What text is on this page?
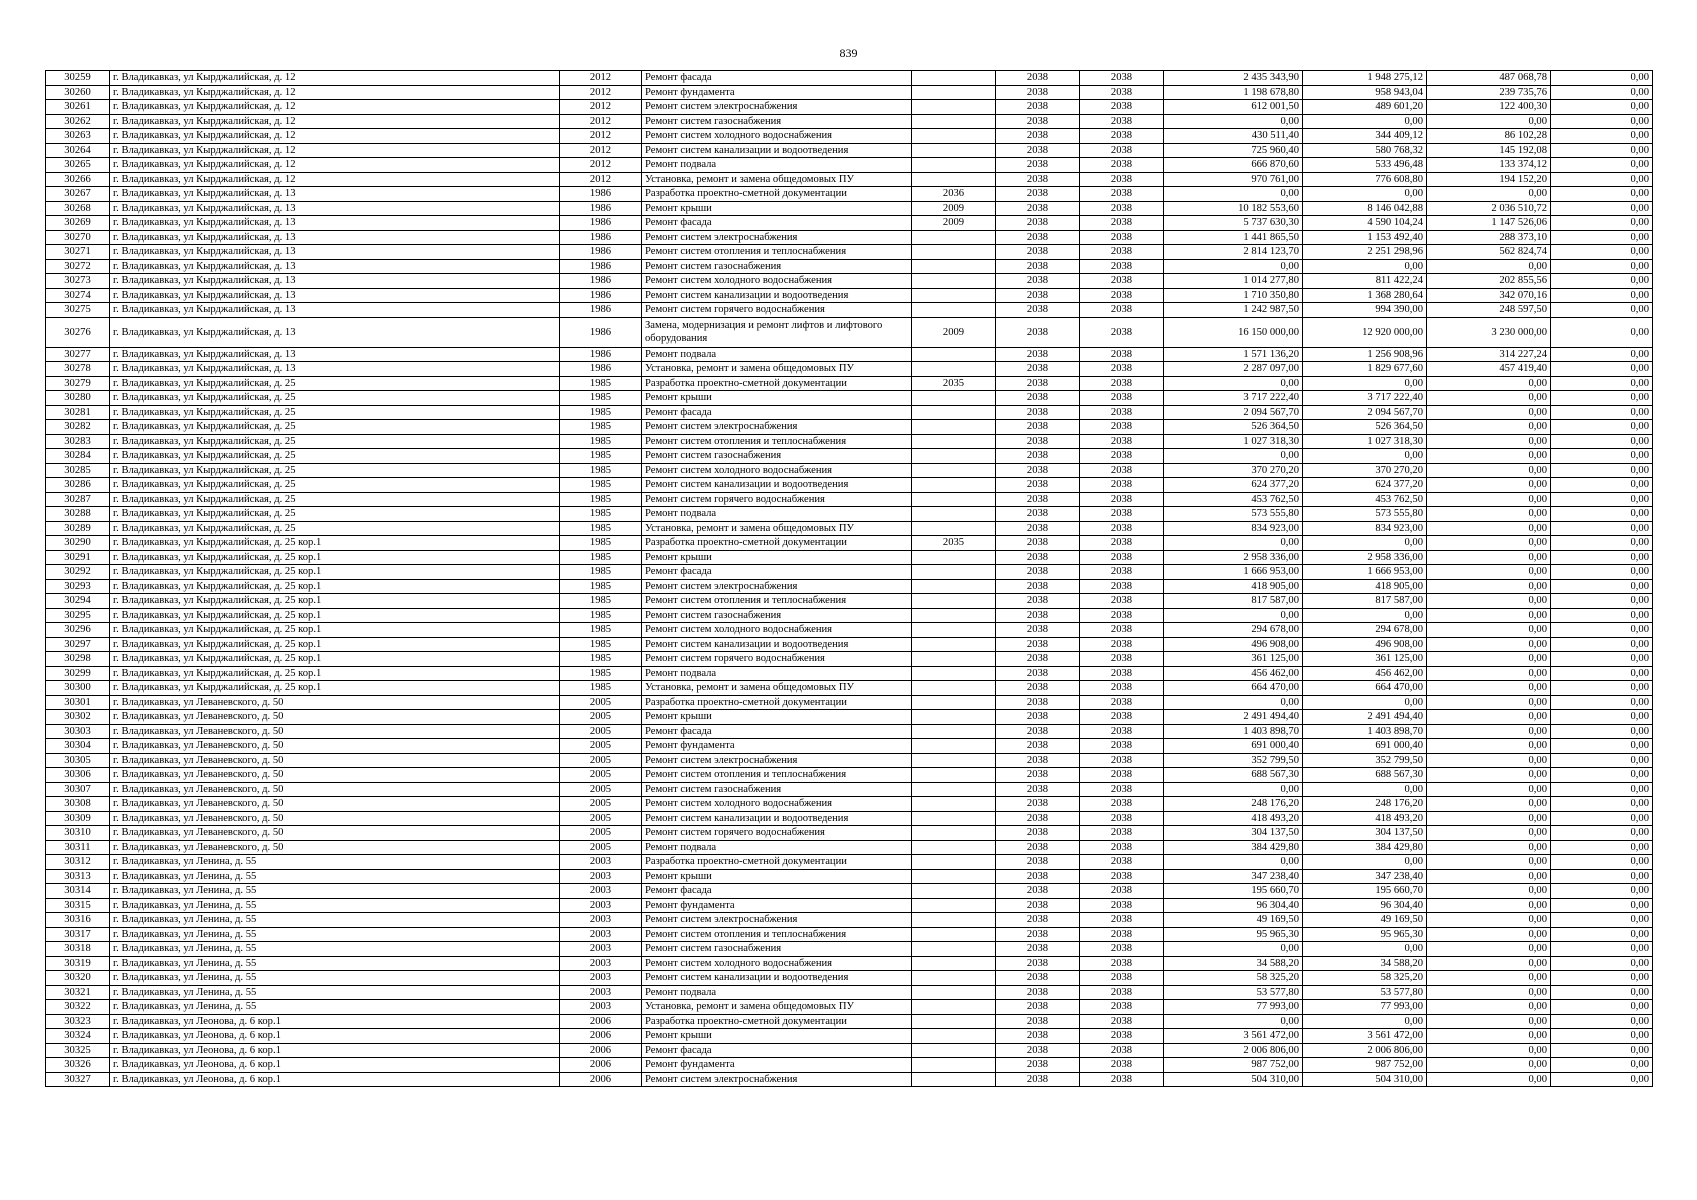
839
30259	г. Владикавказ, ул Кырджалийская, д. 12	2012	Ремонт фасада		2038	2038	2 435 343,90	1 948 275,12	487 068,78	0,00
30260	г. Владикавказ, ул Кырджалийская, д. 12	2012	Ремонт фундамента		2038	2038	1 198 678,80	958 943,04	239 735,76	0,00
30261	г. Владикавказ, ул Кырджалийская, д. 12	2012	Ремонт систем электроснабжения		2038	2038	612 001,50	489 601,20	122 400,30	0,00
30262	г. Владикавказ, ул Кырджалийская, д. 12	2012	Ремонт систем газоснабжения		2038	2038	0,00	0,00	0,00	0,00
30263	г. Владикавказ, ул Кырджалийская, д. 12	2012	Ремонт систем холодного водоснабжения		2038	2038	430 511,40	344 409,12	86 102,28	0,00
30264	г. Владикавказ, ул Кырджалийская, д. 12	2012	Ремонт систем канализации и водоотведения		2038	2038	725 960,40	580 768,32	145 192,08	0,00
30265	г. Владикавказ, ул Кырджалийская, д. 12	2012	Ремонт подвала		2038	2038	666 870,60	533 496,48	133 374,12	0,00
30266	г. Владикавказ, ул Кырджалийская, д. 12	2012	Установка, ремонт и замена общедомовых ПУ		2038	2038	970 761,00	776 608,80	194 152,20	0,00
30267	г. Владикавказ, ул Кырджалийская, д. 13	1986	Разработка проектно-сметной документации	2036	2038	2038	0,00	0,00	0,00	0,00
30268	г. Владикавказ, ул Кырджалийская, д. 13	1986	Ремонт крыши	2009	2038	2038	10 182 553,60	8 146 042,88	2 036 510,72	0,00
30269	г. Владикавказ, ул Кырджалийская, д. 13	1986	Ремонт фасада	2009	2038	2038	5 737 630,30	4 590 104,24	1 147 526,06	0,00
30270	г. Владикавказ, ул Кырджалийская, д. 13	1986	Ремонт систем электроснабжения		2038	2038	1 441 865,50	1 153 492,40	288 373,10	0,00
30271	г. Владикавказ, ул Кырджалийская, д. 13	1986	Ремонт систем отопления и теплоснабжения		2038	2038	2 814 123,70	2 251 298,96	562 824,74	0,00
30272	г. Владикавказ, ул Кырджалийская, д. 13	1986	Ремонт систем газоснабжения		2038	2038	0,00	0,00	0,00	0,00
30273	г. Владикавказ, ул Кырджалийская, д. 13	1986	Ремонт систем холодного водоснабжения		2038	2038	1 014 277,80	811 422,24	202 855,56	0,00
30274	г. Владикавказ, ул Кырджалийская, д. 13	1986	Ремонт систем канализации и водоотведения		2038	2038	1 710 350,80	1 368 280,64	342 070,16	0,00
30275	г. Владикавказ, ул Кырджалийская, д. 13	1986	Ремонт систем горячего водоснабжения		2038	2038	1 242 987,50	994 390,00	248 597,50	0,00
30276	г. Владикавказ, ул Кырджалийская, д. 13	1986	Замена, модернизация и ремонт лифтов и лифтового оборудования	2009	2038	2038	16 150 000,00	12 920 000,00	3 230 000,00	0,00
30277	г. Владикавказ, ул Кырджалийская, д. 13	1986	Ремонт подвала		2038	2038	1 571 136,20	1 256 908,96	314 227,24	0,00
30278	г. Владикавказ, ул Кырджалийская, д. 13	1986	Установка, ремонт и замена общедомовых ПУ		2038	2038	2 287 097,00	1 829 677,60	457 419,40	0,00
30279	г. Владикавказ, ул Кырджалийская, д. 25	1985	Разработка проектно-сметной документации	2035	2038	2038	0,00	0,00	0,00	0,00
30280	г. Владикавказ, ул Кырджалийская, д. 25	1985	Ремонт крыши		2038	2038	3 717 222,40	3 717 222,40	0,00	0,00
30281	г. Владикавказ, ул Кырджалийская, д. 25	1985	Ремонт фасада		2038	2038	2 094 567,70	2 094 567,70	0,00	0,00
30282	г. Владикавказ, ул Кырджалийская, д. 25	1985	Ремонт систем электроснабжения		2038	2038	526 364,50	526 364,50	0,00	0,00
30283	г. Владикавказ, ул Кырджалийская, д. 25	1985	Ремонт систем отопления и теплоснабжения		2038	2038	1 027 318,30	1 027 318,30	0,00	0,00
30284	г. Владикавказ, ул Кырджалийская, д. 25	1985	Ремонт систем газоснабжения		2038	2038	0,00	0,00	0,00	0,00
30285	г. Владикавказ, ул Кырджалийская, д. 25	1985	Ремонт систем холодного водоснабжения		2038	2038	370 270,20	370 270,20	0,00	0,00
30286	г. Владикавказ, ул Кырджалийская, д. 25	1985	Ремонт систем канализации и водоотведения		2038	2038	624 377,20	624 377,20	0,00	0,00
30287	г. Владикавказ, ул Кырджалийская, д. 25	1985	Ремонт систем горячего водоснабжения		2038	2038	453 762,50	453 762,50	0,00	0,00
30288	г. Владикавказ, ул Кырджалийская, д. 25	1985	Ремонт подвала		2038	2038	573 555,80	573 555,80	0,00	0,00
30289	г. Владикавказ, ул Кырджалийская, д. 25	1985	Установка, ремонт и замена общедомовых ПУ		2038	2038	834 923,00	834 923,00	0,00	0,00
30290	г. Владикавказ, ул Кырджалийская, д. 25 кор.1	1985	Разработка проектно-сметной документации	2035	2038	2038	0,00	0,00	0,00	0,00
30291	г. Владикавказ, ул Кырджалийская, д. 25 кор.1	1985	Ремонт крыши		2038	2038	2 958 336,00	2 958 336,00	0,00	0,00
30292	г. Владикавказ, ул Кырджалийская, д. 25 кор.1	1985	Ремонт фасада		2038	2038	1 666 953,00	1 666 953,00	0,00	0,00
30293	г. Владикавказ, ул Кырджалийская, д. 25 кор.1	1985	Ремонт систем электроснабжения		2038	2038	418 905,00	418 905,00	0,00	0,00
30294	г. Владикавказ, ул Кырджалийская, д. 25 кор.1	1985	Ремонт систем отопления и теплоснабжения		2038	2038	817 587,00	817 587,00	0,00	0,00
30295	г. Владикавказ, ул Кырджалийская, д. 25 кор.1	1985	Ремонт систем газоснабжения		2038	2038	0,00	0,00	0,00	0,00
30296	г. Владикавказ, ул Кырджалийская, д. 25 кор.1	1985	Ремонт систем холодного водоснабжения		2038	2038	294 678,00	294 678,00	0,00	0,00
30297	г. Владикавказ, ул Кырджалийская, д. 25 кор.1	1985	Ремонт систем канализации и водоотведения		2038	2038	496 908,00	496 908,00	0,00	0,00
30298	г. Владикавказ, ул Кырджалийская, д. 25 кор.1	1985	Ремонт систем горячего водоснабжения		2038	2038	361 125,00	361 125,00	0,00	0,00
30299	г. Владикавказ, ул Кырджалийская, д. 25 кор.1	1985	Ремонт подвала		2038	2038	456 462,00	456 462,00	0,00	0,00
30300	г. Владикавказ, ул Кырджалийская, д. 25 кор.1	1985	Установка, ремонт и замена общедомовых ПУ		2038	2038	664 470,00	664 470,00	0,00	0,00
30301	г. Владикавказ, ул Леваневского, д. 50	2005	Разработка проектно-сметной документации		2038	2038	0,00	0,00	0,00	0,00
30302	г. Владикавказ, ул Леваневского, д. 50	2005	Ремонт крыши		2038	2038	2 491 494,40	2 491 494,40	0,00	0,00
30303	г. Владикавказ, ул Леваневского, д. 50	2005	Ремонт фасада		2038	2038	1 403 898,70	1 403 898,70	0,00	0,00
30304	г. Владикавказ, ул Леваневского, д. 50	2005	Ремонт фундамента		2038	2038	691 000,40	691 000,40	0,00	0,00
30305	г. Владикавказ, ул Леваневского, д. 50	2005	Ремонт систем электроснабжения		2038	2038	352 799,50	352 799,50	0,00	0,00
30306	г. Владикавказ, ул Леваневского, д. 50	2005	Ремонт систем отопления и теплоснабжения		2038	2038	688 567,30	688 567,30	0,00	0,00
30307	г. Владикавказ, ул Леваневского, д. 50	2005	Ремонт систем газоснабжения		2038	2038	0,00	0,00	0,00	0,00
30308	г. Владикавказ, ул Леваневского, д. 50	2005	Ремонт систем холодного водоснабжения		2038	2038	248 176,20	248 176,20	0,00	0,00
30309	г. Владикавказ, ул Леваневского, д. 50	2005	Ремонт систем канализации и водоотведения		2038	2038	418 493,20	418 493,20	0,00	0,00
30310	г. Владикавказ, ул Леваневского, д. 50	2005	Ремонт систем горячего водоснабжения		2038	2038	304 137,50	304 137,50	0,00	0,00
30311	г. Владикавказ, ул Леваневского, д. 50	2005	Ремонт подвала		2038	2038	384 429,80	384 429,80	0,00	0,00
30312	г. Владикавказ, ул Ленина, д. 55	2003	Разработка проектно-сметной документации		2038	2038	0,00	0,00	0,00	0,00
30313	г. Владикавказ, ул Ленина, д. 55	2003	Ремонт крыши		2038	2038	347 238,40	347 238,40	0,00	0,00
30314	г. Владикавказ, ул Ленина, д. 55	2003	Ремонт фасада		2038	2038	195 660,70	195 660,70	0,00	0,00
30315	г. Владикавказ, ул Ленина, д. 55	2003	Ремонт фундамента		2038	2038	96 304,40	96 304,40	0,00	0,00
30316	г. Владикавказ, ул Ленина, д. 55	2003	Ремонт систем электроснабжения		2038	2038	49 169,50	49 169,50	0,00	0,00
30317	г. Владикавказ, ул Ленина, д. 55	2003	Ремонт систем отопления и теплоснабжения		2038	2038	95 965,30	95 965,30	0,00	0,00
30318	г. Владикавказ, ул Ленина, д. 55	2003	Ремонт систем газоснабжения		2038	2038	0,00	0,00	0,00	0,00
30319	г. Владикавказ, ул Ленина, д. 55	2003	Ремонт систем холодного водоснабжения		2038	2038	34 588,20	34 588,20	0,00	0,00
30320	г. Владикавказ, ул Ленина, д. 55	2003	Ремонт систем канализации и водоотведения		2038	2038	58 325,20	58 325,20	0,00	0,00
30321	г. Владикавказ, ул Ленина, д. 55	2003	Ремонт подвала		2038	2038	53 577,80	53 577,80	0,00	0,00
30322	г. Владикавказ, ул Ленина, д. 55	2003	Установка, ремонт и замена общедомовых ПУ		2038	2038	77 993,00	77 993,00	0,00	0,00
30323	г. Владикавказ, ул Леонова, д. 6 кор.1	2006	Разработка проектно-сметной документации		2038	2038	0,00	0,00	0,00	0,00
30324	г. Владикавказ, ул Леонова, д. 6 кор.1	2006	Ремонт крыши		2038	2038	3 561 472,00	3 561 472,00	0,00	0,00
30325	г. Владикавказ, ул Леонова, д. 6 кор.1	2006	Ремонт фасада		2038	2038	2 006 806,00	2 006 806,00	0,00	0,00
30326	г. Владикавказ, ул Леонова, д. 6 кор.1	2006	Ремонт фундамента		2038	2038	987 752,00	987 752,00	0,00	0,00
30327	г. Владикавказ, ул Леонова, д. 6 кор.1	2006	Ремонт систем электроснабжения		2038	2038	504 310,00	504 310,00	0,00	0,00
